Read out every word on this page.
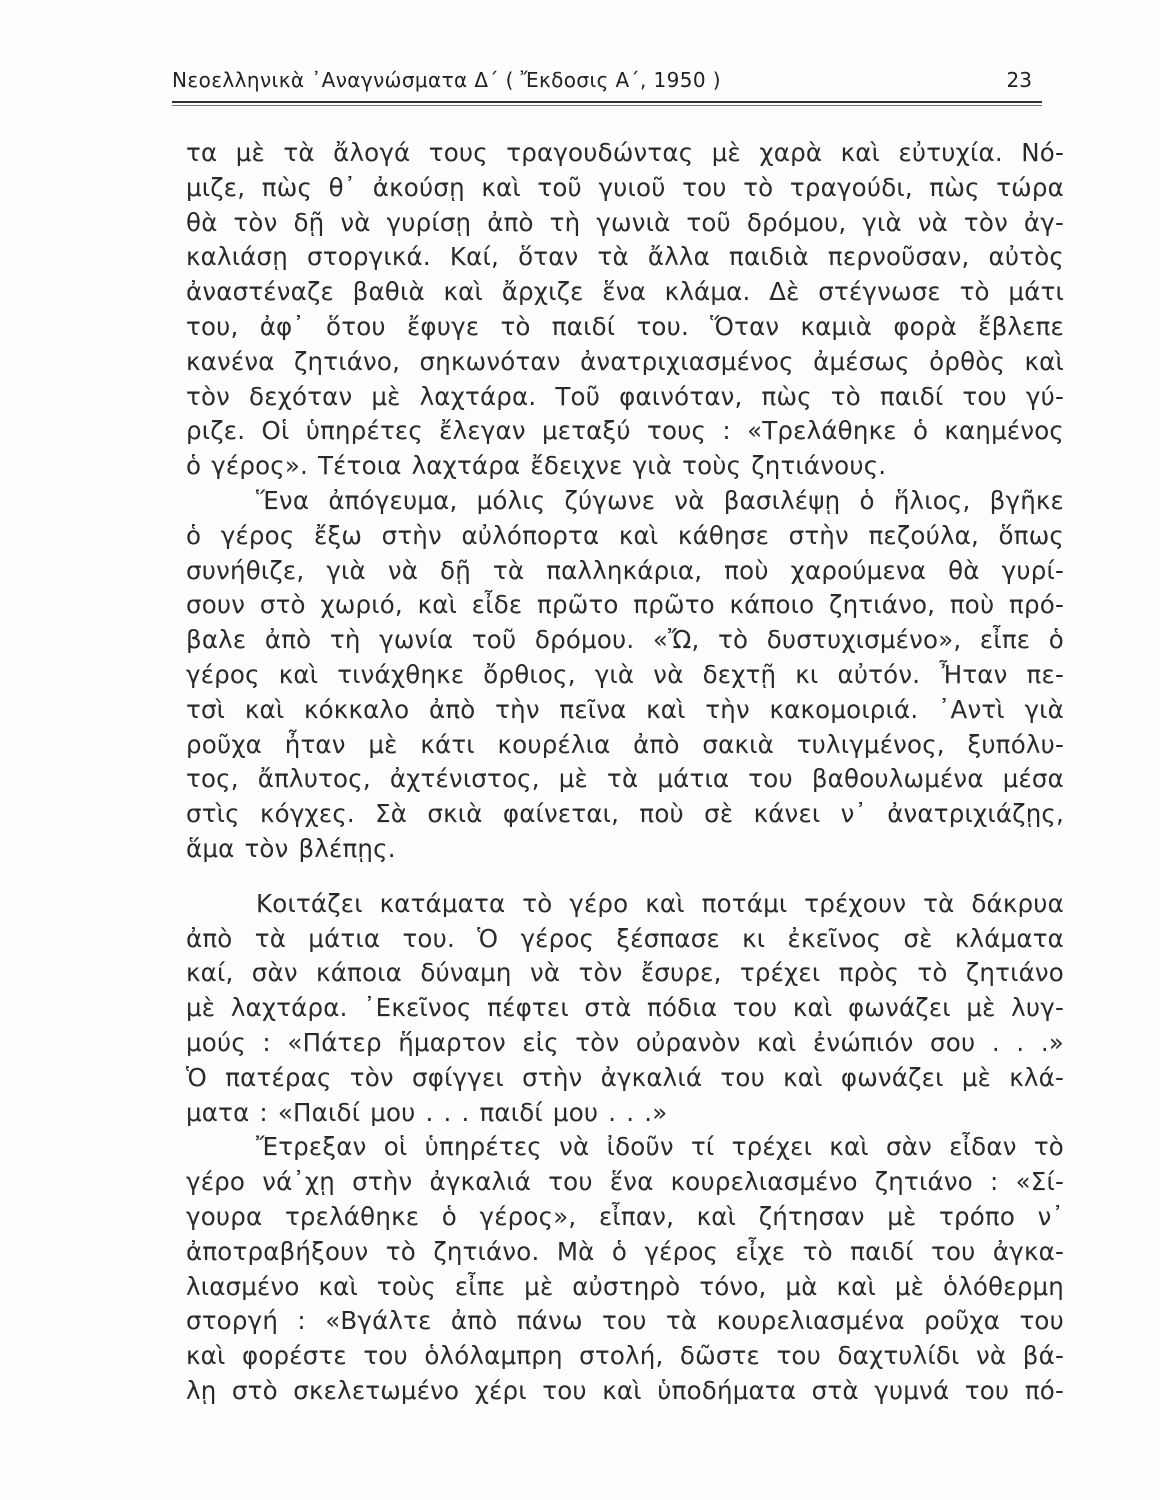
Νεοελληνικὰ ᾿Αναγνώσματα Δ΄ ( Ἔκδοσις Α΄, 1950 )	23
τα μὲ τὰ ἄλογά τους τραγουδώντας μὲ χαρὰ καὶ εὐτυχία. Νό-
μιζε, πὼς θ᾿ ἀκούσῃ καὶ τοῦ γυιοῦ του τὸ τραγούδι, πὼς τώρα
θὰ τὸν δῇ νὰ γυρίσῃ ἀπὸ τὴ γωνιὰ τοῦ δρόμου, γιὰ νὰ τὸν ἀγ-
καλιάσῃ στοργικά. Καί, ὅταν τὰ ἄλλα παιδιὰ περνοῦσαν, αὐτὸς
ἀναστέναζε βαθιὰ καὶ ἄρχιζε ἕνα κλάμα. Δὲ στέγνωσε τὸ μάτι
του, ἀφ᾿ ὅτου ἔφυγε τὸ παιδί του. Ὅταν καμιὰ φορὰ ἔβλεπε
κανένα ζητιάνο, σηκωνόταν ἀνατριχιασμένος ἀμέσως ὀρθὸς καὶ
τὸν δεχόταν μὲ λαχτάρα. Τοῦ φαινόταν, πὼς τὸ παιδί του γύ-
ριζε. Οἱ ὑπηρέτες ἔλεγαν μεταξύ τους : «Τρελάθηκε ὁ καημένος
ὁ γέρος». Τέτοια λαχτάρα ἔδειχνε γιὰ τοὺς ζητιάνους.
Ἕνα ἀπόγευμα, μόλις ζύγωνε νὰ βασιλέψῃ ὁ ἥλιος, βγῆκε
ὁ γέρος ἔξω στὴν αὐλόπορτα καὶ κάθησε στὴν πεζούλα, ὅπως
συνήθιζε, γιὰ νὰ δῇ τὰ παλληκάρια, ποὺ χαρούμενα θὰ γυρί-
σουν στὸ χωριό, καὶ εἶδε πρῶτο πρῶτο κάποιο ζητιάνο, ποὺ πρό-
βαλε ἀπὸ τὴ γωνία τοῦ δρόμου. «Ὤ, τὸ δυστυχισμένο», εἶπε ὁ
γέρος καὶ τινάχθηκε ὄρθιος, γιὰ νὰ δεχτῇ κι αὐτόν. Ἦταν πε-
τσὶ καὶ κόκκαλο ἀπὸ τὴν πεῖνα καὶ τὴν κακομοιριά. ᾿Αντὶ γιὰ
ροῦχα ἦταν μὲ κάτι κουρέλια ἀπὸ σακιὰ τυλιγμένος, ξυπόλυ-
τος, ἄπλυτος, ἀχτένιστος, μὲ τὰ μάτια του βαθουλωμένα μέσα
στὶς κόγχες. Σὰ σκιὰ φαίνεται, ποὺ σὲ κάνει ν᾿ ἀνατριχιάζῃς,
ἅμα τὸν βλέπῃς.
Κοιτάζει κατάματα τὸ γέρο καὶ ποτάμι τρέχουν τὰ δάκρυα
ἀπὸ τὰ μάτια του. Ὁ γέρος ξέσπασε κι ἐκεῖνος σὲ κλάματα
καί, σὰν κάποια δύναμη νὰ τὸν ἔσυρε, τρέχει πρὸς τὸ ζητιάνο
μὲ λαχτάρα. ᾿Εκεῖνος πέφτει στὰ πόδια του καὶ φωνάζει μὲ λυγ-
μούς : «Πάτερ ἥμαρτον εἰς τὸν οὐρανὸν καὶ ἐνώπιόν σου . . .»
Ὁ πατέρας τὸν σφίγγει στὴν ἀγκαλιά του καὶ φωνάζει μὲ κλά-
ματα : «Παιδί μου . . . παιδί μου . . .»
Ἔτρεξαν οἱ ὑπηρέτες νὰ ἰδοῦν τί τρέχει καὶ σὰν εἶδαν τὸ
γέρο νά᾿χῃ στὴν ἀγκαλιά του ἕνα κουρελιασμένο ζητιάνο : «Σί-
γουρα τρελάθηκε ὁ γέρος», εἶπαν, καὶ ζήτησαν μὲ τρόπο ν᾿
ἀποτραβήξουν τὸ ζητιάνο. Μὰ ὁ γέρος εἶχε τὸ παιδί του ἀγκα-
λιασμένο καὶ τοὺς εἶπε μὲ αὐστηρὸ τόνο, μὰ καὶ μὲ ὁλόθερμη
στοργή : «Βγάλτε ἀπὸ πάνω του τὰ κουρελιασμένα ροῦχα του
καὶ φορέστε του ὁλόλαμπρη στολή, δῶστε του δαχτυλίδι νὰ βά-
λῃ στὸ σκελετωμένο χέρι του καὶ ὑποδήματα στὰ γυμνά του πό-
